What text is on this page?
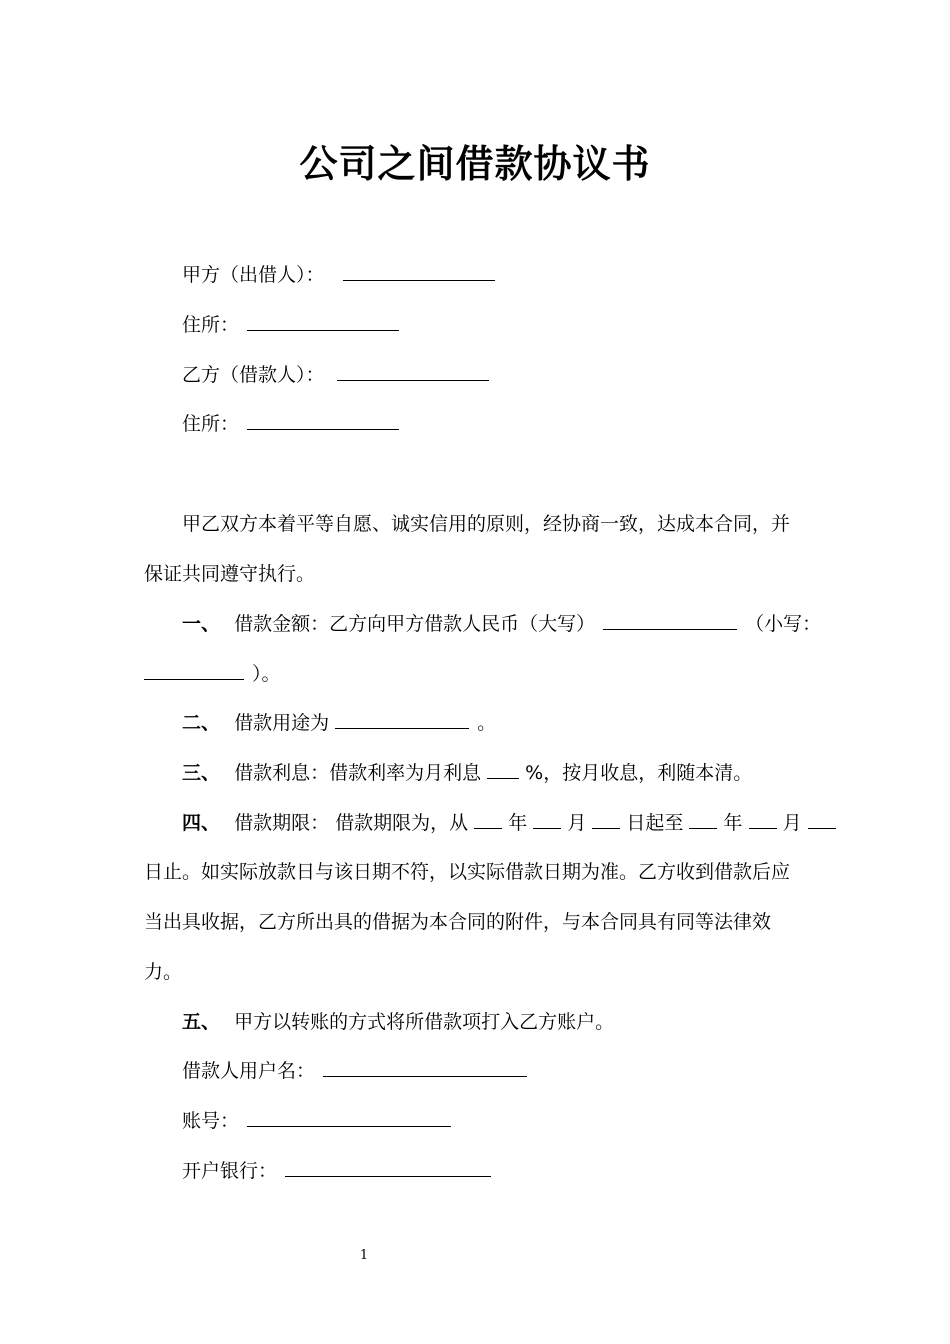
公司之间借款协议书
甲方（出借人）：
住所：
乙方（借款人）：
住所：
甲乙双方本着平等自愿、诚实信用的原则，经协商一致，达成本合同，并
保证共同遵守执行。
一、 借款金额：乙方向甲方借款人民币（大写）	（小写：
）。
二、 借款用途为	。
三、 借款利息：借款利率为月利息 %，按月收息，利随本清。
四、 借款期限： 借款期限为，从 年 月 日起至 年 月
日止。如实际放款日与该日期不符，以实际借款日期为准。乙方收到借款后应
当出具收据，乙方所出具的借据为本合同的附件，与本合同具有同等法律效
力。
五、 甲方以转账的方式将所借款项打入乙方账户。
借款人用户名：
账号：
开户银行：
1
